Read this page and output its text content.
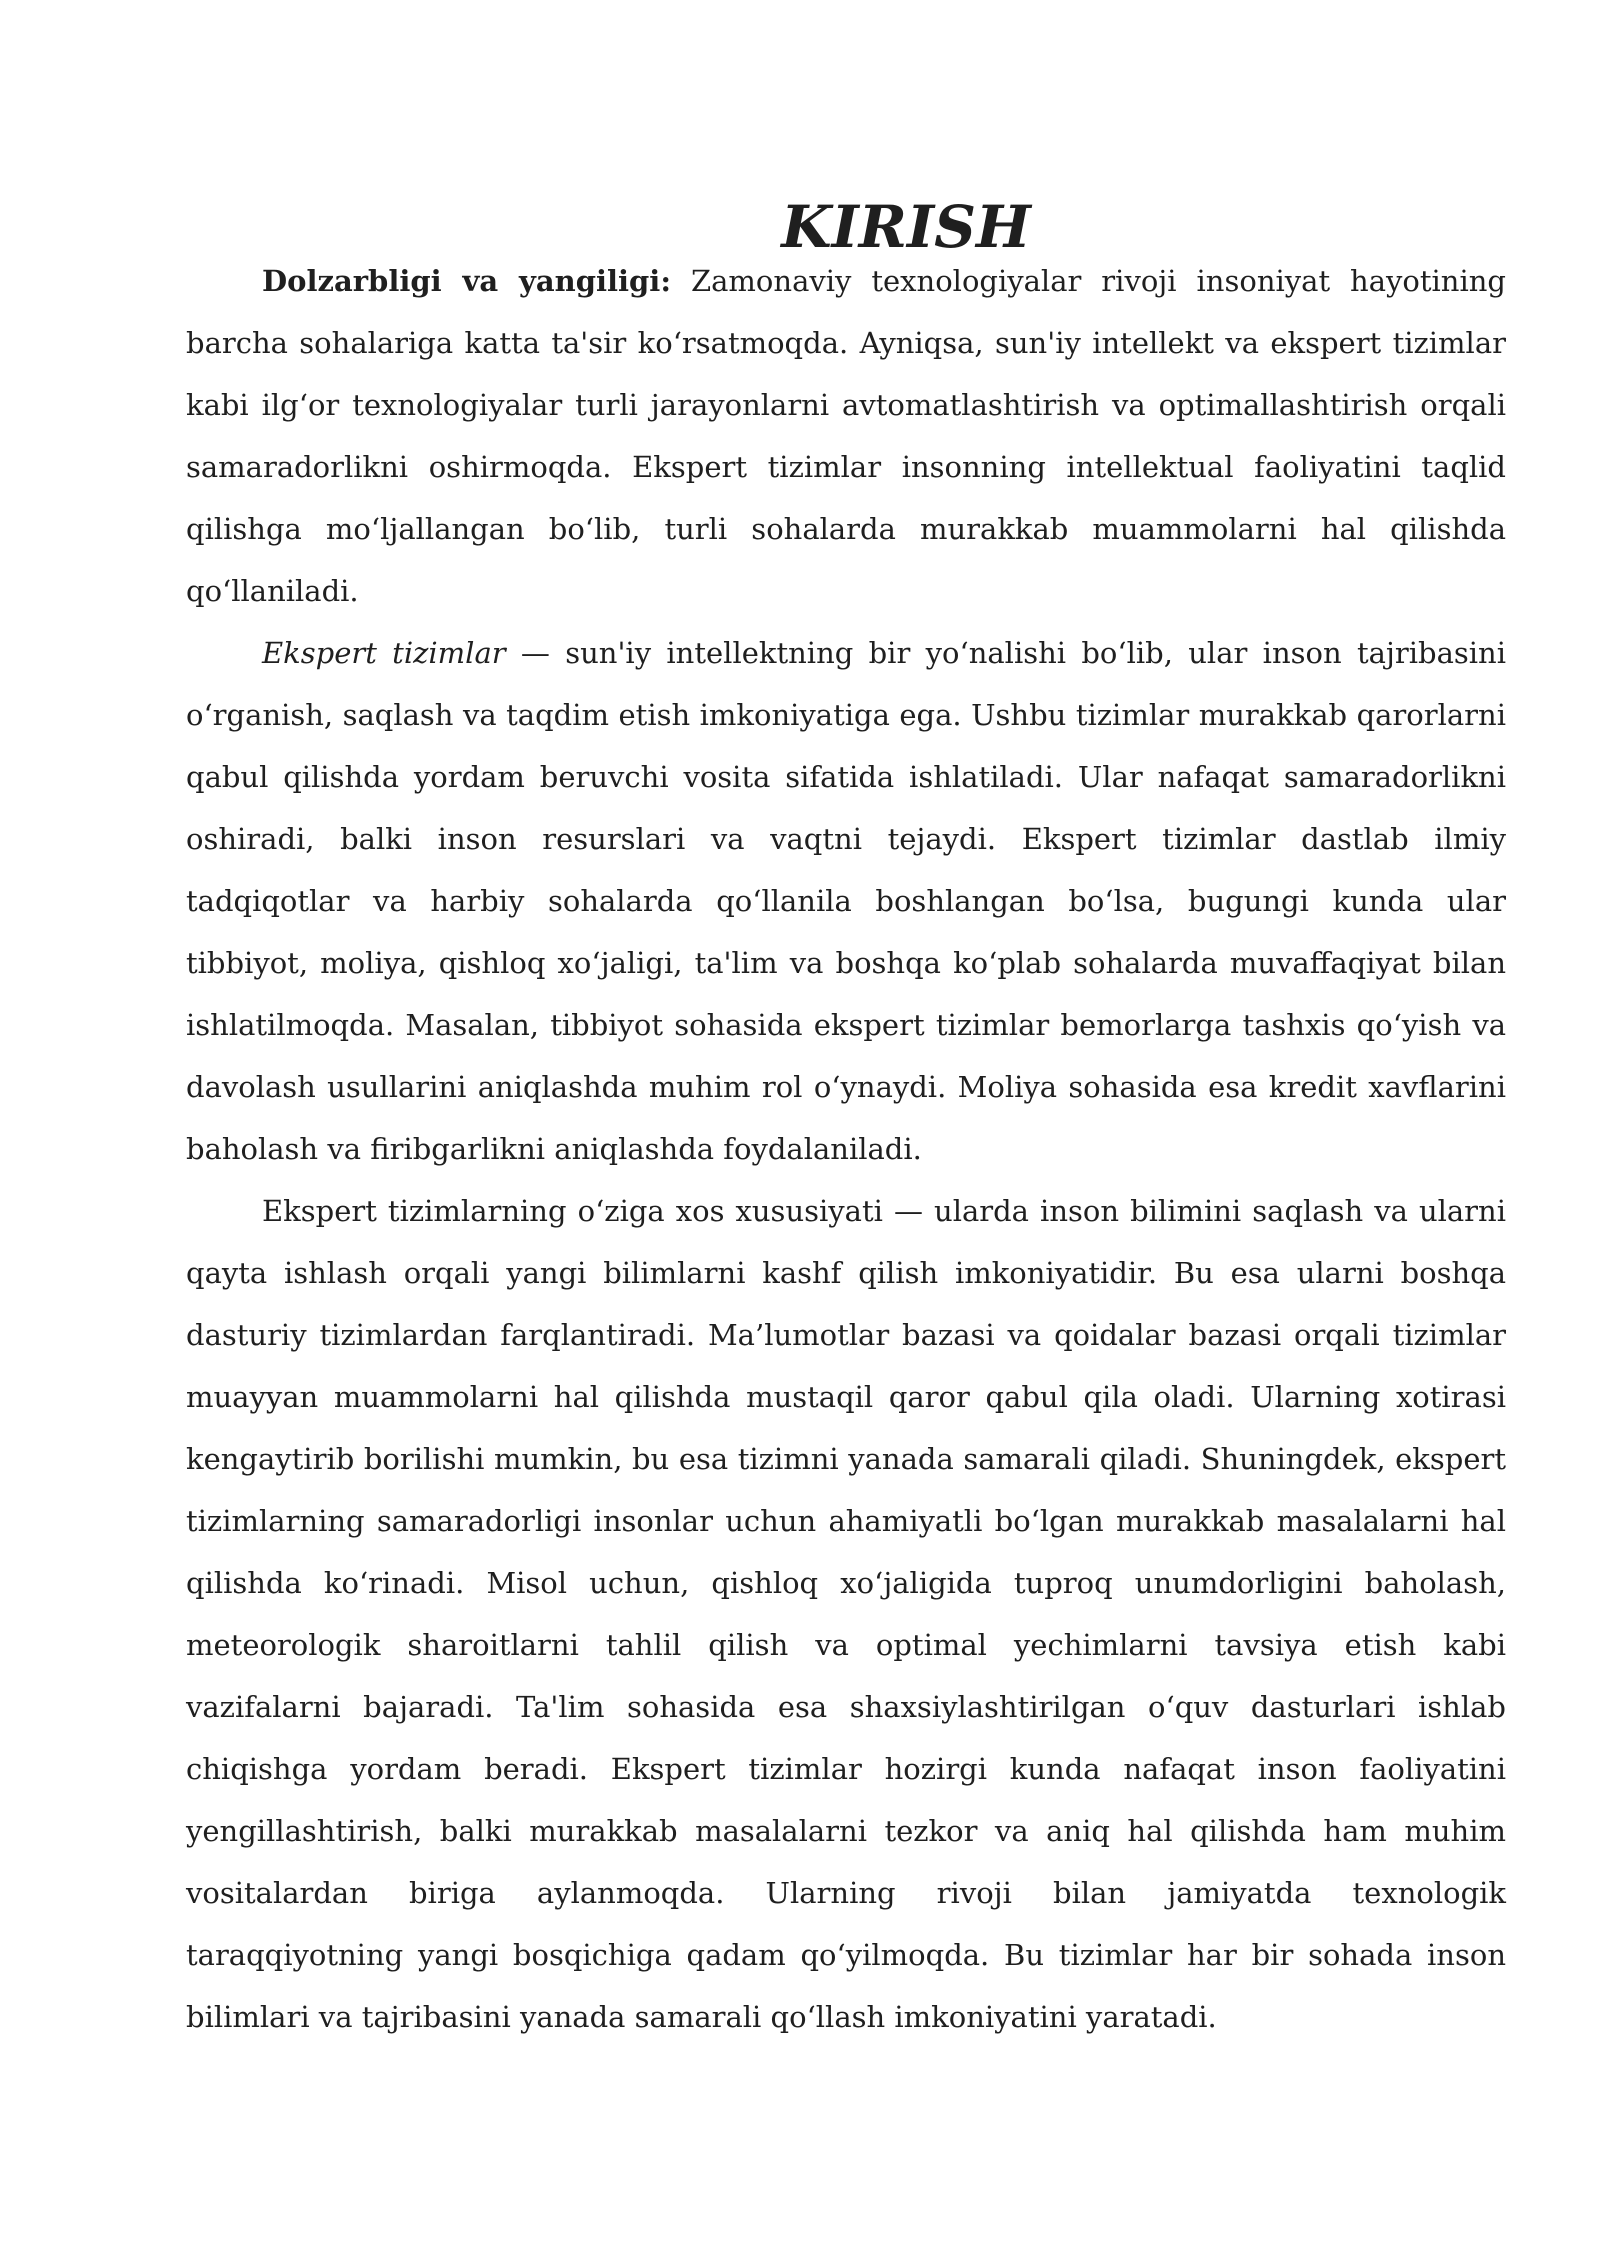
KIRISH

Dolzarbligi va yangiligi: Zamonaviy texnologiyalar rivoji insoniyat hayotining barcha sohalariga katta ta'sir ko‘rsatmoqda. Ayniqsa, sun'iy intellekt va ekspert tizimlar kabi ilg‘or texnologiyalar turli jarayonlarni avtomatlashtirish va optimallashtirish orqali samaradorlikni oshirmoqda. Ekspert tizimlar insonning intellektual faoliyatini taqlid qilishga mo‘ljallangan bo‘lib, turli sohalarda murakkab muammolarni hal qilishda qo‘llaniladi.

Ekspert tizimlar — sun'iy intellektning bir yo‘nalishi bo‘lib, ular inson tajribasini o‘rganish, saqlash va taqdim etish imkoniyatiga ega. Ushbu tizimlar murakkab qarorlarni qabul qilishda yordam beruvchi vosita sifatida ishlatiladi. Ular nafaqat samaradorlikni oshiradi, balki inson resurslari va vaqtni tejaydi. Ekspert tizimlar dastlab ilmiy tadqiqotlar va harbiy sohalarda qo‘llanila boshlangan bo‘lsa, bugungi kunda ular tibbiyot, moliya, qishloq xo‘jaligi, ta'lim va boshqa ko‘plab sohalarda muvaffaqiyat bilan ishlatilmoqda. Masalan, tibbiyot sohasida ekspert tizimlar bemorlarga tashxis qo‘yish va davolash usullarini aniqlashda muhim rol o‘ynaydi. Moliya sohasida esa kredit xavflarini baholash va firibgarlikni aniqlashda foydalaniladi.

Ekspert tizimlarning o‘ziga xos xususiyati — ularda inson bilimini saqlash va ularni qayta ishlash orqali yangi bilimlarni kashf qilish imkoniyatidir. Bu esa ularni boshqa dasturiy tizimlardan farqlantiradi. Ma’lumotlar bazasi va qoidalar bazasi orqali tizimlar muayyan muammolarni hal qilishda mustaqil qaror qabul qila oladi. Ularning xotirasi kengaytirib borilishi mumkin, bu esa tizimni yanada samarali qiladi. Shuningdek, ekspert tizimlarning samaradorligi insonlar uchun ahamiyatli bo‘lgan murakkab masalalarni hal qilishda ko‘rinadi. Misol uchun, qishloq xo‘jaligida tuproq unumdorligini baholash, meteorologik sharoitlarni tahlil qilish va optimal yechimlarni tavsiya etish kabi vazifalarni bajaradi. Ta'lim sohasida esa shaxsiylashtirilgan o‘quv dasturlari ishlab chiqishga yordam beradi. Ekspert tizimlar hozirgi kunda nafaqat inson faoliyatini yengillashtirish, balki murakkab masalalarni tezkor va aniq hal qilishda ham muhim vositalardan biriga aylanmoqda. Ularning rivoji bilan jamiyatda texnologik taraqqiyotning yangi bosqichiga qadam qo‘yilmoqda. Bu tizimlar har bir sohada inson bilimlari va tajribasini yanada samarali qo‘llash imkoniyatini yaratadi.
